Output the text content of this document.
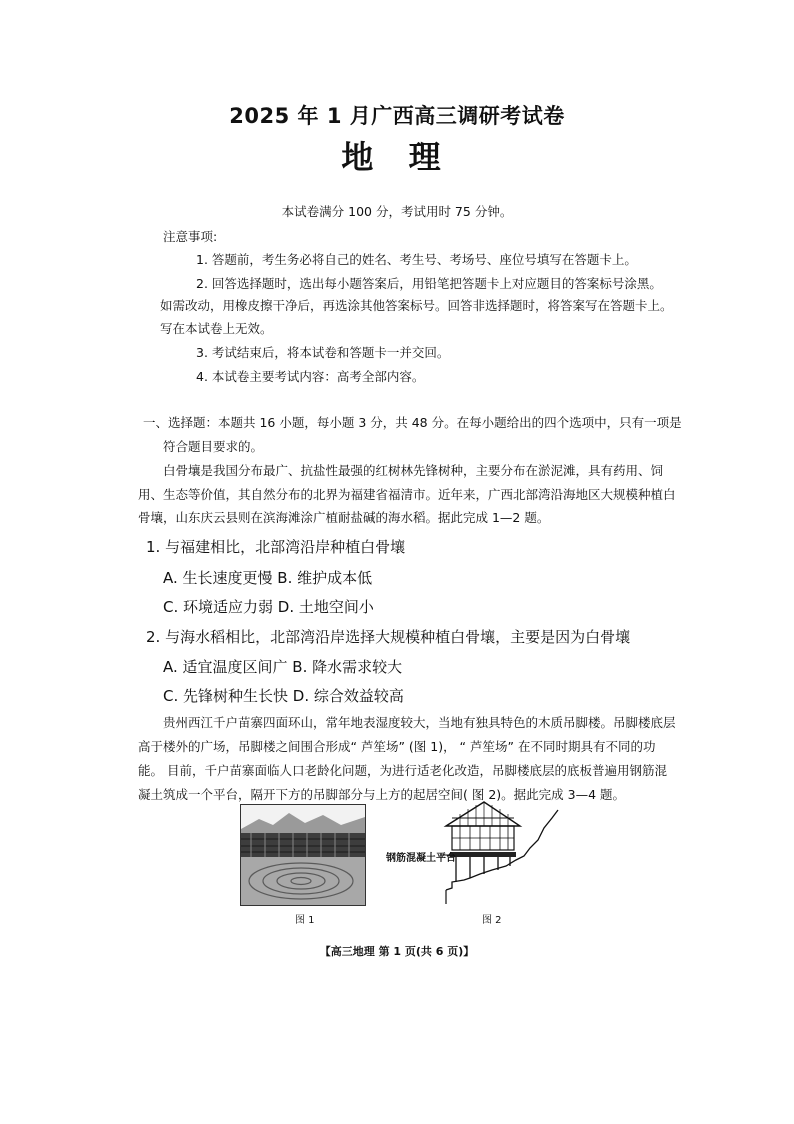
2025 年 1 月广西高三调研考试卷
地 理
本试卷满分 100 分，考试用时 75 分钟。
注意事项:
1. 答题前，考生务必将自己的姓名、考生号、考场号、座位号填写在答题卡上。
2. 回答选择题时，选出每小题答案后，用铅笔把答题卡上对应题目的答案标号涂黑。
如需改动，用橡皮擦干净后，再选涂其他答案标号。回答非选择题时，将答案写在答题卡上。
写在本试卷上无效。
3. 考试结束后，将本试卷和答题卡一并交回。
4. 本试卷主要考试内容：高考全部内容。
一、选择题：本题共 16 小题，每小题 3 分，共 48 分。在每小题给出的四个选项中，只有一项是
符合题目要求的。
白骨壤是我国分布最广、抗盐性最强的红树林先锋树种，主要分布在淤泥滩，具有药用、饲
用、生态等价值，其自然分布的北界为福建省福清市。近年来，广西北部湾沿海地区大规模种植白
骨壤，山东庆云县则在滨海滩涂广植耐盐碱的海水稻。据此完成 1—2 题。
1. 与福建相比，北部湾沿岸种植白骨壤
A. 生长速度更慢 B. 维护成本低
C. 环境适应力弱 D. 土地空间小
2. 与海水稻相比，北部湾沿岸选择大规模种植白骨壤，主要是因为白骨壤
A. 适宜温度区间广 B. 降水需求较大
C. 先锋树种生长快 D. 综合效益较高
贵州西江千户苗寨四面环山，常年地表湿度较大，当地有独具特色的木质吊脚楼。吊脚楼底层
高于楼外的广场，吊脚楼之间围合形成“ 芦笙场” (图 1)， “ 芦笙场” 在不同时期具有不同的功
能。 目前，千户苗寨面临人口老龄化问题，为进行适老化改造，吊脚楼底层的底板普遍用钢筋混
凝土筑成一个平台，隔开下方的吊脚部分与上方的起居空间( 图 2)。据此完成 3—4 题。
图 1
钢筋混凝土平台
图 2
【高三地理 第 1 页(共 6 页)】
